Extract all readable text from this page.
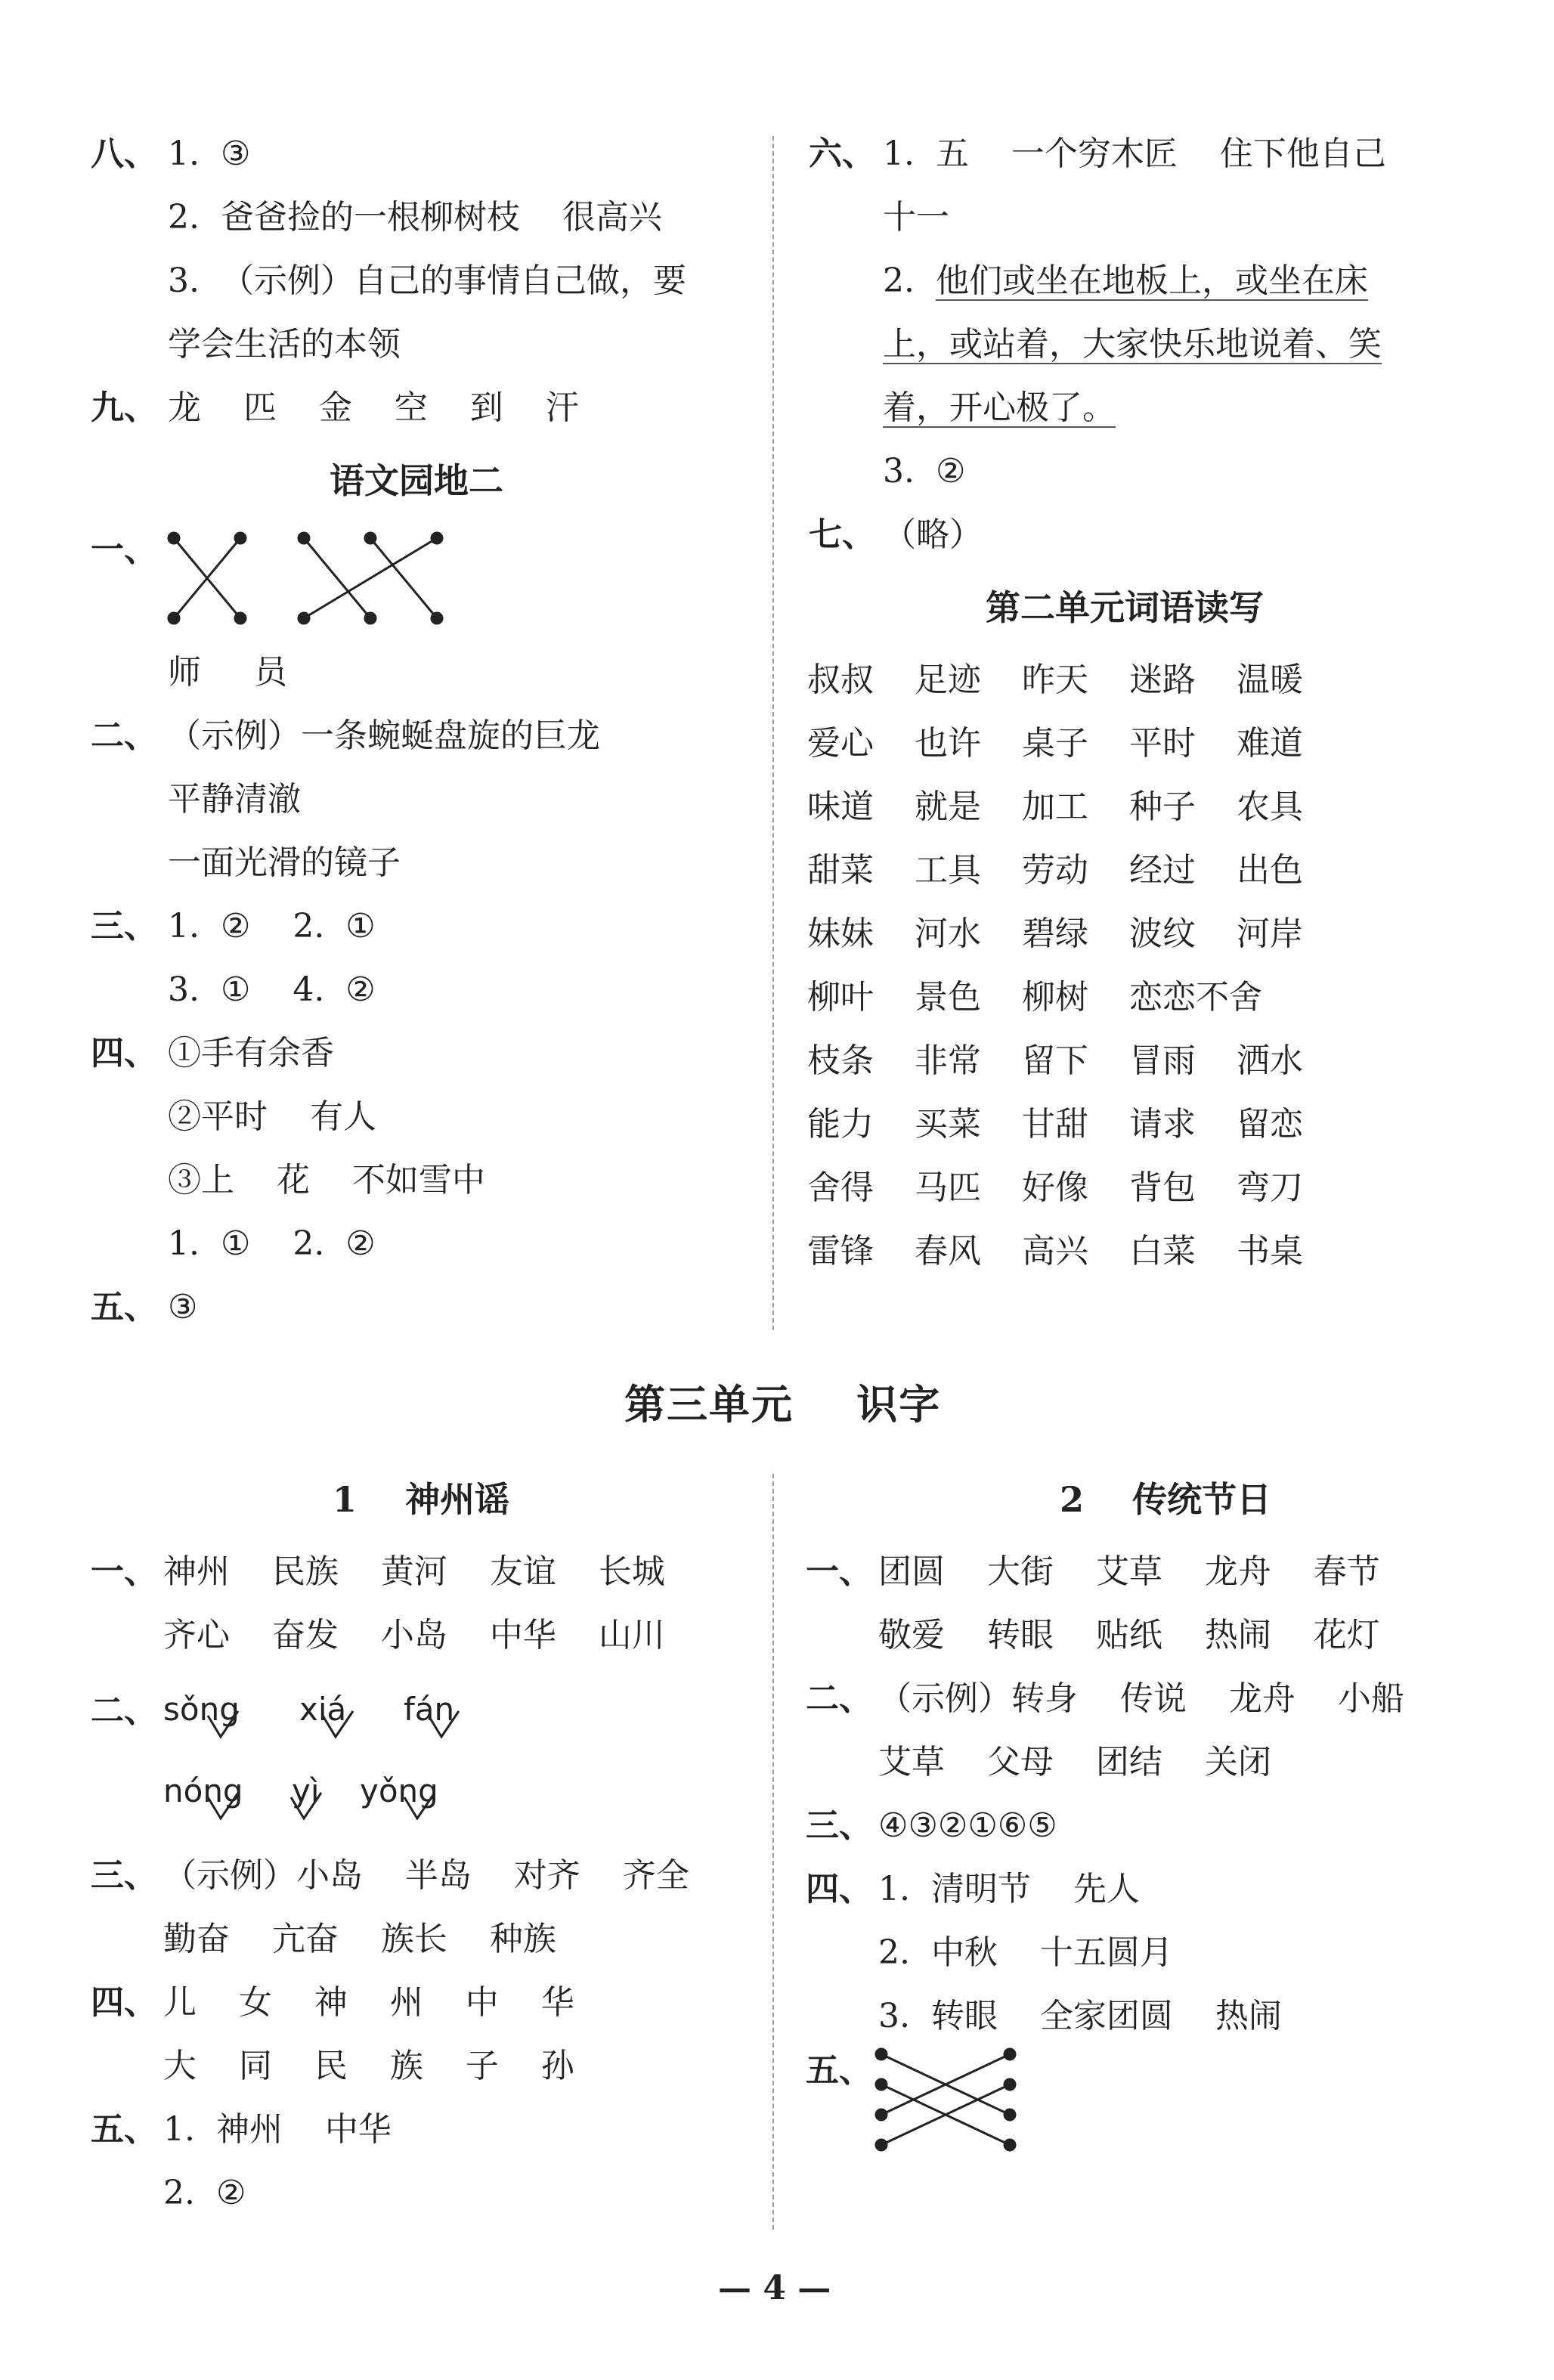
八、 1.  ③
2.  爸爸捡的一根柳树枝    很高兴
3.  （示例）自己的事情自己做，要
学会生活的本领
九、 龙    匹    金    空    到    汗
语文园地二
一、
师     员
二、 （示例）一条蜿蜒盘旋的巨龙
平静清澈
一面光滑的镜子
三、 1.  ②    2.  ①
3.  ①    4.  ②
四、 ①手有余香
②平时    有人
③上    花    不如雪中
1.  ①    2.  ②
五、 ③
六、 1.  五    一个穷木匠    住下他自己
十一
2.  他们或坐在地板上，或坐在床
上，或站着，大家快乐地说着、笑
着，开心极了。
3.  ②
七、 （略）
第二单元词语读写
叔叔 足迹 昨天 迷路 温暖
爱心 也许 桌子 平时 难道
味道 就是 加工 种子 农具
甜菜 工具 劳动 经过 出色
妹妹 河水 碧绿 波纹 河岸
柳叶 景色 柳树 恋恋不舍
枝条 非常 留下 冒雨 洒水
能力 买菜 甘甜 请求 留恋
舍得 马匹 好像 背包 弯刀
雷锋 春风 高兴 白菜 书桌
第三单元    识字
1    神州谣
一、 神州    民族    黄河    友谊    长城
齐心    奋发    小岛    中华    山川
二、 sǒng xiá fán
nóng yì yǒng
三、 （示例）小岛    半岛    对齐    齐全
勤奋    亢奋    族长    种族
四、 儿    女    神    州    中    华
大    同    民    族    子    孙
五、 1.  神州    中华
2.  ②
2    传统节日
一、 团圆    大街    艾草    龙舟    春节
敬爱    转眼    贴纸    热闹    花灯
二、 （示例）转身    传说    龙舟    小船
艾草    父母    团结    关闭
三、 ④③②①⑥⑤
四、 1.  清明节    先人
2.  中秋    十五圆月
3.  转眼    全家团圆    热闹
五、
— 4 —
